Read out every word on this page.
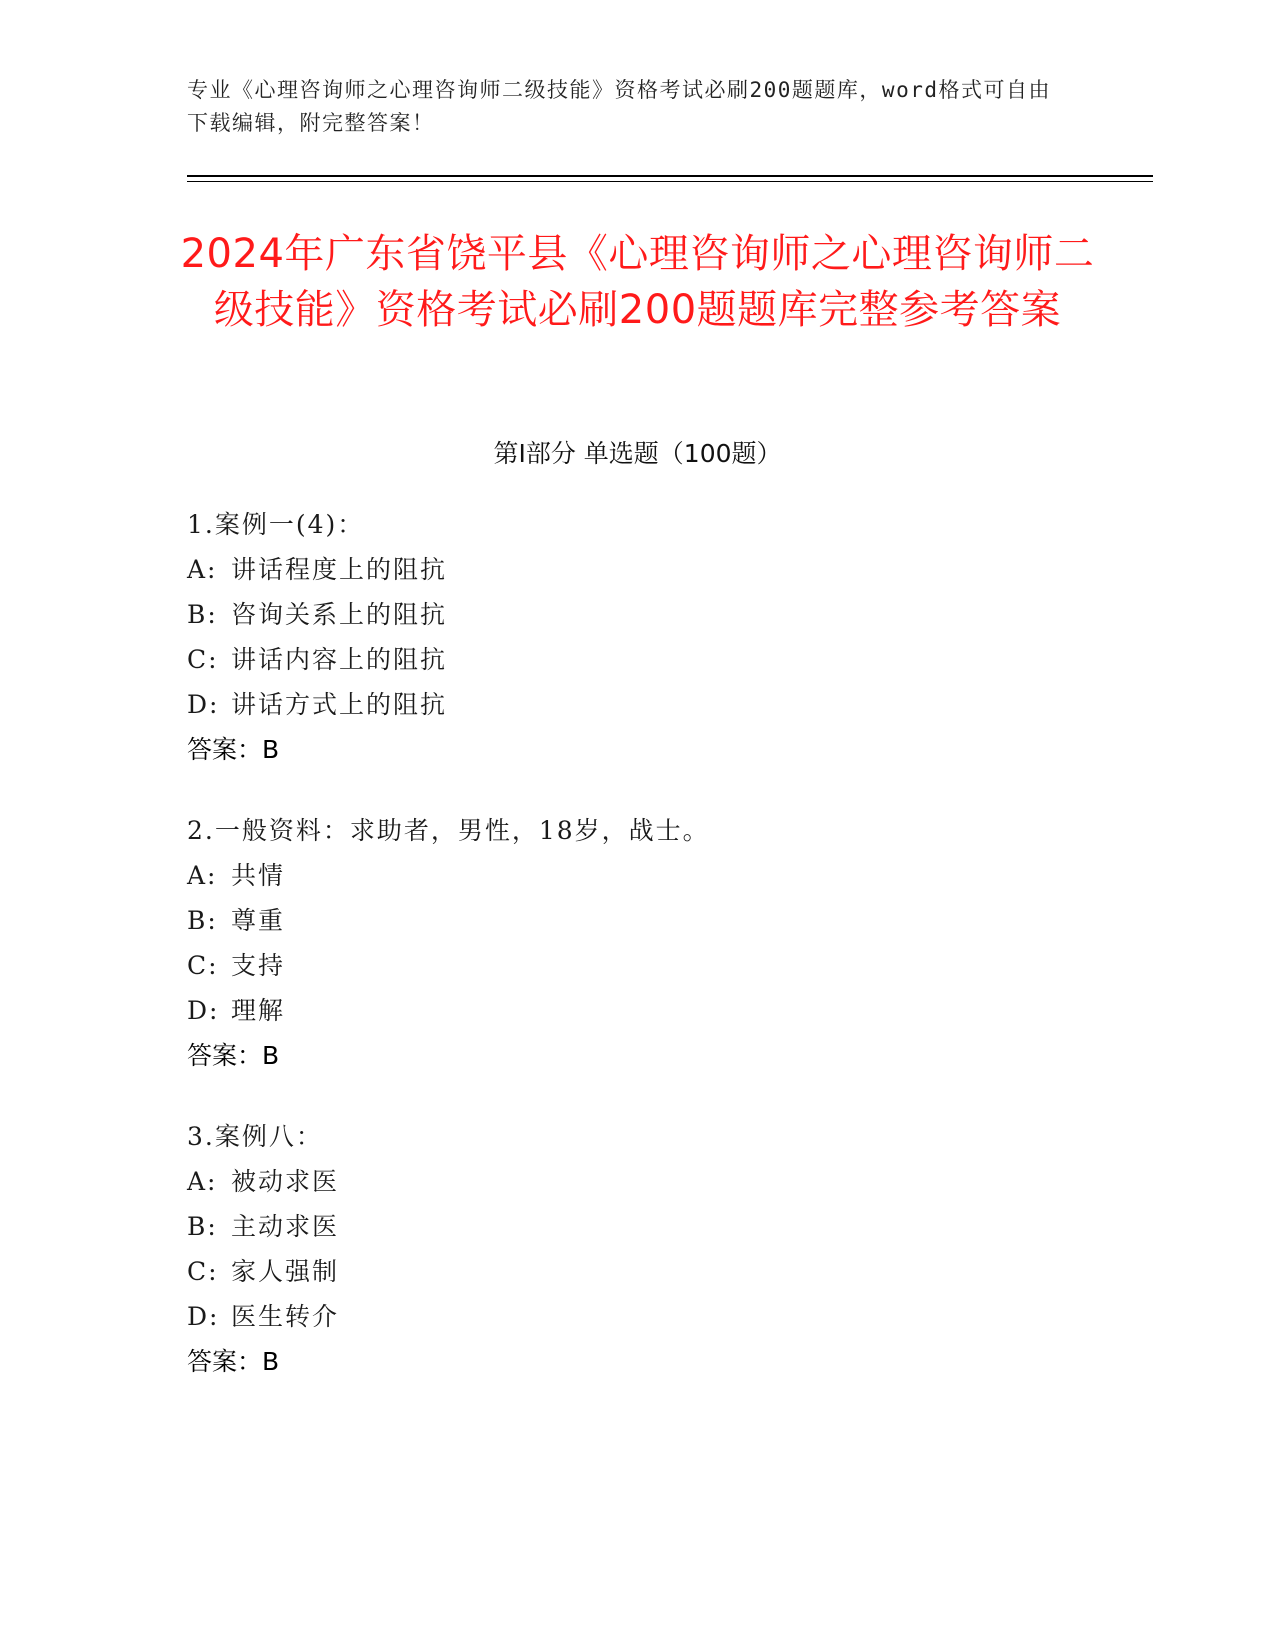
专业《心理咨询师之心理咨询师二级技能》资格考试必刷200题题库，word格式可自由下载编辑，附完整答案！
2024年广东省饶平县《心理咨询师之心理咨询师二级技能》资格考试必刷200题题库完整参考答案
第Ⅰ部分 单选题（100题）
1.案例一(4)：
A: 讲话程度上的阻抗
B: 咨询关系上的阻抗
C: 讲话内容上的阻抗
D: 讲话方式上的阻抗
答案：B
2.一般资料：求助者，男性，18岁，战士。
A: 共情
B: 尊重
C: 支持
D: 理解
答案：B
3.案例八：
A: 被动求医
B: 主动求医
C: 家人强制
D: 医生转介
答案：B
